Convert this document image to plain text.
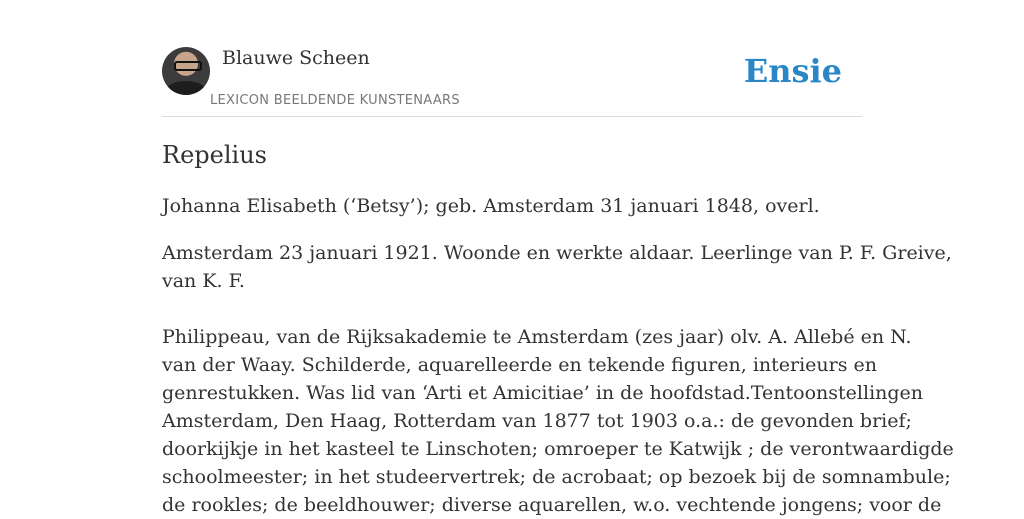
Blauwe Scheen
LEXICON BEELDENDE KUNSTENAARS
Ensie
Repelius
Johanna Elisabeth (‘Betsy’); geb. Amsterdam 31 januari 1848, overl.
Amsterdam 23 januari 1921. Woonde en werkte aldaar. Leerlinge van P. F. Greive,
van K. F.
Philippeau, van de Rijksakademie te Amsterdam (zes jaar) olv. A. Allebé en N.
van der Waay. Schilderde, aquarelleerde en tekende figuren, interieurs en
genrestukken. Was lid van ‘Arti et Amicitiae’ in de hoofdstad.Tentoonstellingen
Amsterdam, Den Haag, Rotterdam van 1877 tot 1903 o.a.: de gevonden brief;
doorkijkje in het kasteel te Linschoten; omroeper te Katwijk ; de verontwaardigde
schoolmeester; in het studeervertrek; de acrobaat; op bezoek bij de somnambule;
de rookles; de beeldhouwer; diverse aquarellen, w.o. vechtende jongens; voor de
